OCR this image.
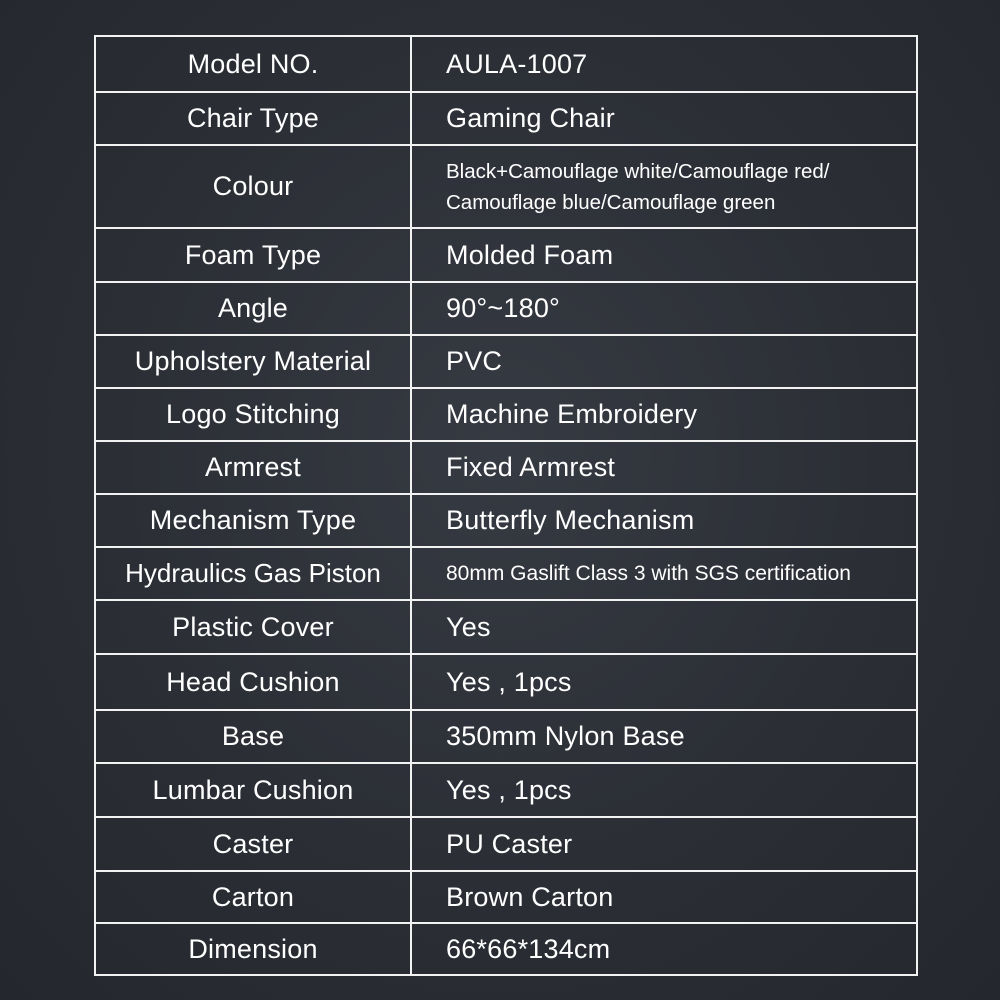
Model NO.	AULA-1007
Chair Type	Gaming Chair
Colour	Black+Camouflage white/Camouflage red/
Camouflage blue/Camouflage green

Foam Type	Molded Foam
Angle	90°~180°
Upholstery Material	PVC
Logo Stitching	Machine Embroidery
Armrest	Fixed Armrest
Mechanism Type	Butterfly Mechanism
Hydraulics Gas Piston	80mm Gaslift Class 3 with SGS certification
Plastic Cover	Yes
Head Cushion	Yes , 1pcs
Base	350mm Nylon Base
Lumbar Cushion	Yes , 1pcs
Caster	PU Caster
Carton	Brown Carton
Dimension	66*66*134cm
